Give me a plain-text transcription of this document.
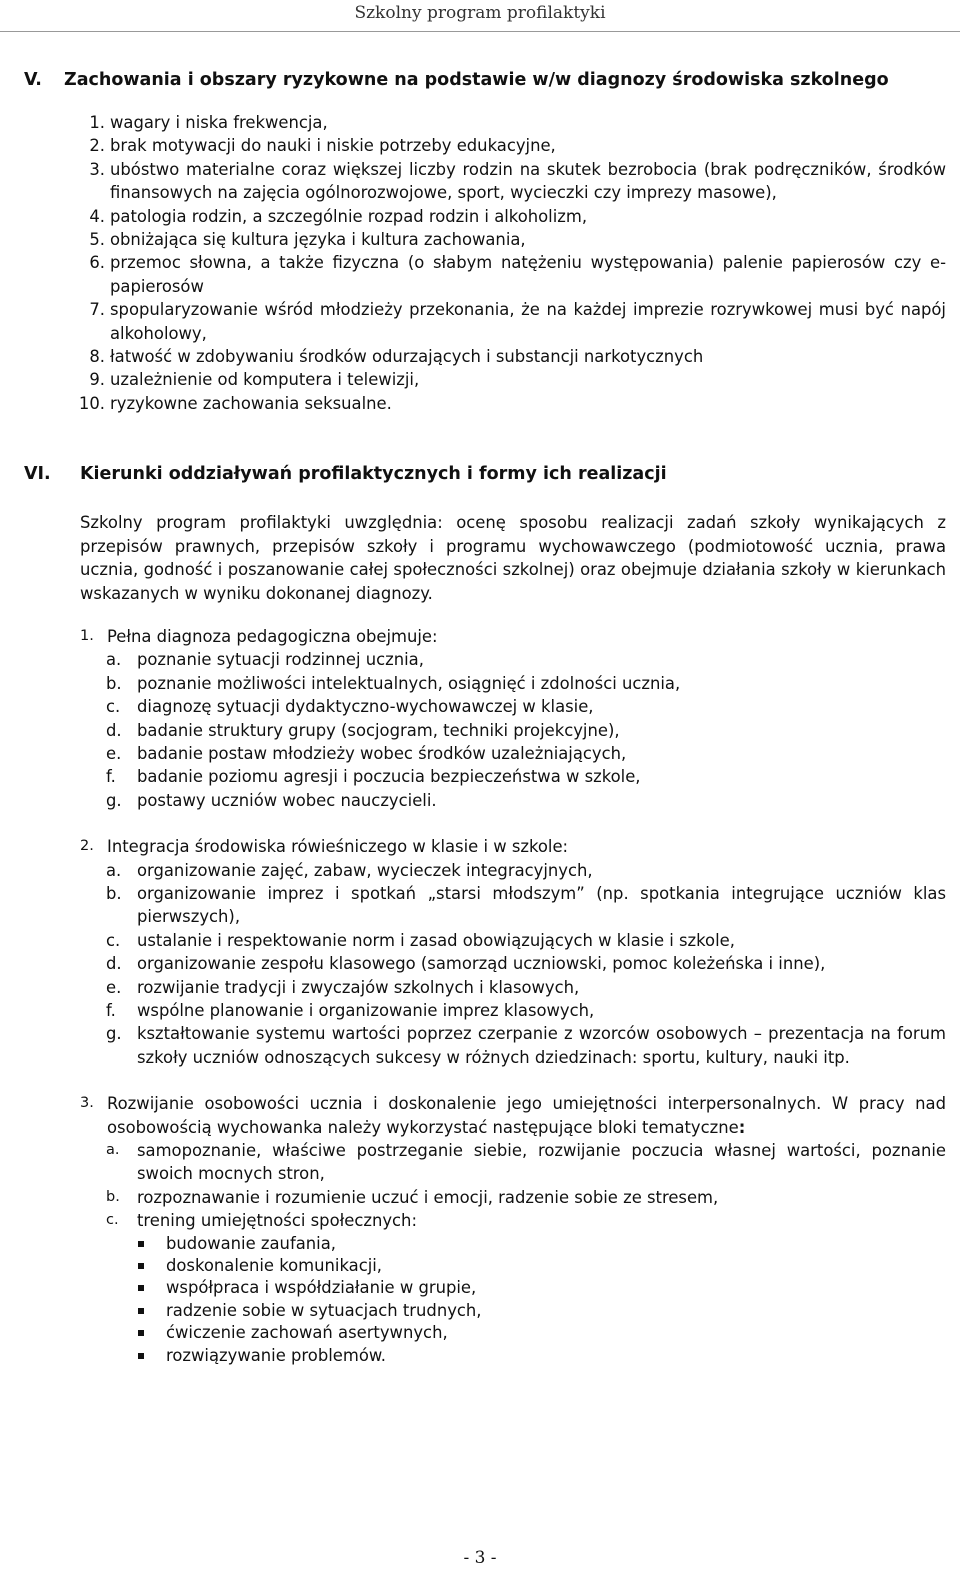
Szkolny program profilaktyki
V. Zachowania i obszary ryzykowne na podstawie w/w diagnozy środowiska szkolnego
1. wagary i niska frekwencja,
2. brak motywacji do nauki i niskie potrzeby edukacyjne,
3. ubóstwo materialne coraz większej liczby rodzin na skutek bezrobocia (brak podręczników, środków finansowych na zajęcia ogólnorozwojowe, sport, wycieczki czy imprezy masowe),
4. patologia rodzin, a szczególnie rozpad rodzin i alkoholizm,
5. obniżająca się kultura języka i kultura zachowania,
6. przemoc słowna, a także fizyczna (o słabym natężeniu występowania) palenie papierosów czy e-papierosów
7. spopularyzowanie wśród młodzieży przekonania, że na każdej imprezie rozrywkowej musi być napój alkoholowy,
8. łatwość w zdobywaniu środków odurzających i substancji narkotycznych
9. uzależnienie od komputera i telewizji,
10. ryzykowne zachowania seksualne.
VI. Kierunki oddziaływań profilaktycznych i formy ich realizacji
Szkolny program profilaktyki uwzględnia: ocenę sposobu realizacji zadań szkoły wynikających z przepisów prawnych, przepisów szkoły i programu wychowawczego (podmiotowość ucznia, prawa ucznia, godność i poszanowanie całej społeczności szkolnej) oraz obejmuje działania szkoły w kierunkach wskazanych w wyniku dokonanej diagnozy.
1. Pełna diagnoza pedagogiczna obejmuje:
a. poznanie sytuacji rodzinnej ucznia,
b. poznanie możliwości intelektualnych, osiągnięć i zdolności ucznia,
c. diagnozę sytuacji dydaktyczno-wychowawczej w klasie,
d. badanie struktury grupy (socjogram, techniki projekcyjne),
e. badanie postaw młodzieży wobec środków uzależniających,
f. badanie poziomu agresji i poczucia bezpieczeństwa w szkole,
g. postawy uczniów wobec nauczycieli.
2. Integracja środowiska rówieśniczego w klasie i w szkole:
a. organizowanie zajęć, zabaw, wycieczek integracyjnych,
b. organizowanie imprez i spotkań „starsi młodszym” (np. spotkania integrujące uczniów klas pierwszych),
c. ustalanie i respektowanie norm i zasad obowiązujących w klasie i szkole,
d. organizowanie zespołu klasowego (samorząd uczniowski, pomoc koleżeńska i inne),
e. rozwijanie tradycji i zwyczajów szkolnych i klasowych,
f. wspólne planowanie i organizowanie imprez klasowych,
g. kształtowanie systemu wartości poprzez czerpanie z wzorców osobowych – prezentacja na forum szkoły uczniów odnoszących sukcesy w różnych dziedzinach: sportu, kultury, nauki itp.
3. Rozwijanie osobowości ucznia i doskonalenie jego umiejętności interpersonalnych. W pracy nad osobowością wychowanka należy wykorzystać następujące bloki tematyczne:
a. samopoznanie, właściwe postrzeganie siebie, rozwijanie poczucia własnej wartości, poznanie swoich mocnych stron,
b. rozpoznawanie i rozumienie uczuć i emocji, radzenie sobie ze stresem,
c. trening umiejętności społecznych:
budowanie zaufania,
doskonalenie komunikacji,
współpraca i współdziałanie w grupie,
radzenie sobie w sytuacjach trudnych,
ćwiczenie zachowań asertywnych,
rozwiązywanie problemów.
- 3 -
